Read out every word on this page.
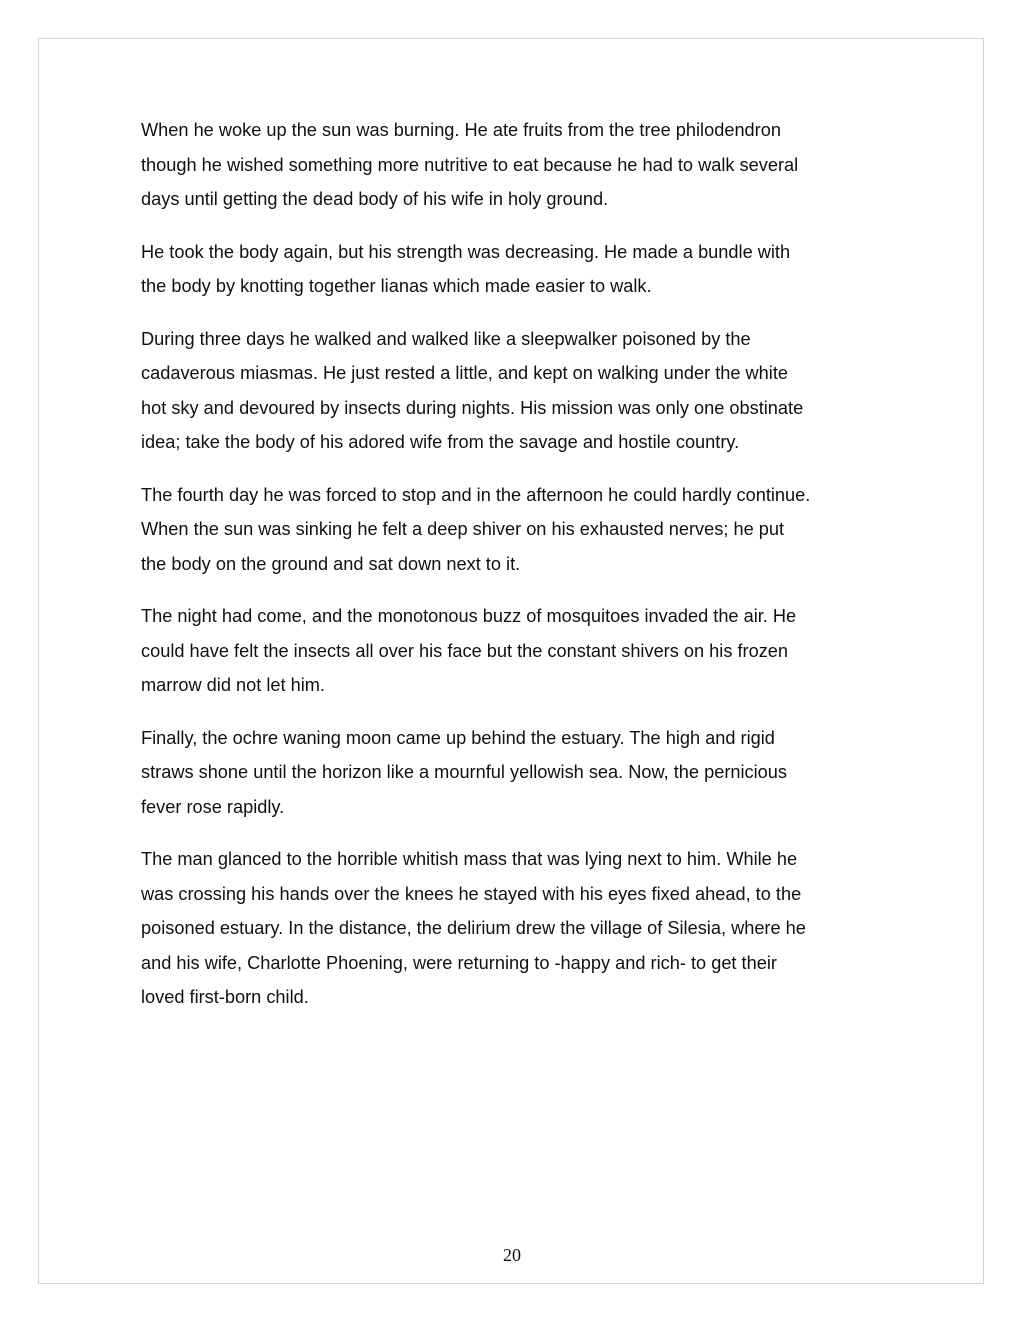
When he woke up the sun was burning. He ate fruits from the tree philodendron
though he wished something more nutritive to eat because he had to walk several
days until getting the dead body of his wife in holy ground.

He took the body again, but his strength was decreasing. He made a bundle with
the body by knotting together lianas which made easier to walk.

During three days he walked and walked like a sleepwalker poisoned by the
cadaverous miasmas. He just rested a little, and kept on walking under the white
hot sky and devoured by insects during nights. His mission was only one obstinate
idea; take the body of his adored wife from the savage and hostile country.

The fourth day he was forced to stop and in the afternoon he could hardly continue.
When the sun was sinking he felt a deep shiver on his exhausted nerves; he put
the body on the ground and sat down next to it.

The night had come, and the monotonous buzz of mosquitoes invaded the air. He
could have felt the insects all over his face but the constant shivers on his frozen
marrow did not let him.

Finally, the ochre waning moon came up behind the estuary. The high and rigid
straws shone until the horizon like a mournful yellowish sea. Now, the pernicious
fever rose rapidly.

The man glanced to the horrible whitish mass that was lying next to him. While he
was crossing his hands over the knees he stayed with his eyes fixed ahead, to the
poisoned estuary. In the distance, the delirium drew the village of Silesia, where he
and his wife, Charlotte Phoening, were returning to -happy and rich- to get their
loved first-born child.

20
